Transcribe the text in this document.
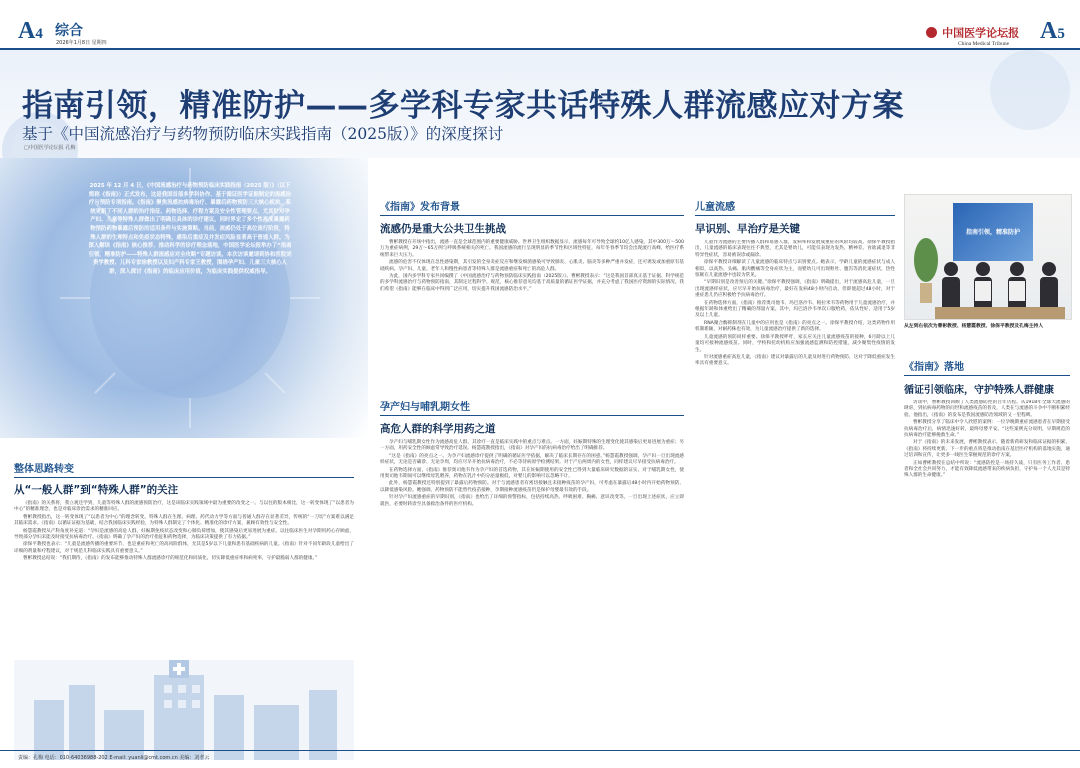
A4 综合
2026年1月8日 星期四
中国医学论坛报
China Medical Tribune	A5
指南引领，精准防护——多学科专家共话特殊人群流感应对方案
基于《中国流感治疗与药物预防临床实践指南（2025版）》的深度探讨
□中国医学论坛报 孔梅
2025 年 12 月 4 日，《中国流感治疗与药物预防临床实践指南（2025 版）》（以下简称《指南》）正式发布，这是我国首部多学科协作、基于循证医学证据制定的流感治疗与预防专项指南。《指南》聚焦流感抗病毒治疗、暴露后药物预防三大核心板块，系统更新了不同人群的治疗指征、药物选择、疗程方案及安全性管理要点，尤其针对孕产妇、儿童等特殊人群做出了明确且具体的诊疗建议，同时界定了多个性高度暴露药物预防药物暴露后预防的适用条件与实施策略。当前，流感仍处于高位流行阶段，特殊人群的生理特点和免疫状态特殊，感染后重症及并发症风险显著高于普通人群。为深入解读《指南》核心推荐、推动科学的诊疗理念落地，中国医学论坛报举办了“指南引领，精准防护——特殊人群流感应对全攻略”专题访谈。本次访谈邀请到协和医院刘贵学教授、儿科专家徐教授以及妇产科专家王教授，围绕孕产妇、儿童三大核心人群，深入探讨《指南》的临床应用价值，为临床实践提供权威指导。
整体思路转变
从“一般人群”到“特殊人群”的关注

《指南》的关系将，我立观还学到，儿童等特殊人群的流感预防治疗，这是该临床实践领域中最为重要的改变之一。与以往的版本相比，这一转变体现了“以患者为中心”的精准理念，也是对临床诊治需求的精准回应。

曹彬教授指出，这一转变体现了“以患者为中心”的理念转变。特殊人群在生理、病理、药代动力学等方面与普通人群存在显著差异，传统的“一刀切”方案难以满足其临床需求。《指南》以循证证据为基础，结合我国临床实践经验，为特殊人群制定了个体化、精准化的诊疗方案，兼顾有效性与安全性。

杨慧霞教授从产科角度补充道：“孕妇是流感的高危人群，妊娠期免疫状态改变和心肺负荷增加，使其感染后更易进展为重症。以往临床医生对孕期用药心存顾虑，导致部分孕妇未能及时接受抗病毒治疗。《指南》明确了孕产妇的治疗指征和药物选择，为临床决策提供了有力依据。”

徐保平教授也表示：“儿童是流感传播的重要环节，也是重症和死亡的高风险群体，尤其是5岁以下儿童和患有基础疾病的儿童。《指南》针对不同年龄段儿童给出了详细的剂量和疗程建议，对于规范儿科临床实践具有重要意义。”

曹彬教授总结说：“我们期待，《指南》的发布能够推动特殊人群流感诊疗的规范化和同质化，切实降低重症率和病死率，守护最脆弱人群的健康。”

《指南》发布背景
流感仍是重大公共卫生挑战

曹彬教授在开场中指出，流感一直是全球范围内的重要健康威胁。世界卫生组织数据显示，流感每年可导致全球约10亿人感染，其中300万～500万为重症病例，29万～65万例与呼吸系统相关的死亡。我国流感的流行呈现明显的季节性和区域性特征，每年冬春季节均会出现流行高峰，给医疗系统带来巨大压力。

流感的危害不仅体现在急性感染期，其引发的全身炎症反应和继发细菌感染可导致肺炎、心肌炎、脑炎等多种严重并发症，还可诱发或加重原有基础疾病。孕产妇、儿童、老年人和慢性病患者等特殊人群是流感重症和死亡的高危人群。

为此，国内多学科专家共同编撰了《中国流感治疗与药物预防临床实践指南（2025版）》。曹彬教授表示：“这是我国首部真正基于证据、科学规范的多学科流感治疗与药物预防指南，其制定过程科学、规范，核心推荐意见均基于高质量的循证医学证据，并充分考虑了我国医疗资源的实际情况。我们希望《指南》能够在临床中得到广泛应用，切实提升我国流感防治水平。”

孕产妇与哺乳期女性
高危人群的科学用药之道

孕产妇与哺乳期女性作为流感高危人群，其诊疗一直是临床实践中的重点与难点。一方面，妊娠期特殊的生理变化使其感染后更易进展为重症；另一方面，用药安全性的顾虑常导致治疗延误。杨慧霞教授指出，《指南》对孕产妇的抗病毒治疗给出了明确推荐。

“这是《指南》的亮点之一。为孕产妇流感诊疗提供了明确的循证医学依据，解决了临床长期存在的困惑。”杨慧霞教授强调，孕产妇一旦出现流感样症状，无论是否确诊、无论孕周，均应尽早开始抗病毒治疗，不必等待病原学检测结果。对于产后两周内的女性，同样建议尽早接受抗病毒治疗。

在药物选择方面，《指南》推荐奥司他韦作为孕产妇的首选药物，其在妊娠期使用的安全性已得到大量临床研究数据的证实。对于哺乳期女性，使用奥司他韦期间可以继续母乳喂养，药物在乳汁中的分泌量极低，对婴儿的影响可以忽略不计。

此外，杨慧霞教授还特别提到了暴露后药物预防。对于与流感患者有密切接触且未接种疫苗的孕产妇，可考虑在暴露后48小时内开始药物预防，以降低感染风险。她强调，药物预防不能替代疫苗接种，孕期接种流感疫苗仍是保护母婴最有效的手段。

针对孕产妇流感重症的早期识别，《指南》也给出了详细的预警指标，包括持续高热、呼吸困难、胸痛、意识改变等。一旦出现上述症状，应立即就医，必要时转诊至具备救治条件的医疗机构。

儿童流感
早识别、早治疗是关键

儿童作为流感的主要传播人群和易感人群，发病率和发展成重症的风险均较高。徐保平教授指出，儿童流感的临床表现往往不典型，尤其是婴幼儿，可能仅表现为发热、精神差、食欲减退等非特异性症状，容易被误诊或漏诊。

徐保平教授详细解读了儿童流感的临床特点与识别要点。她表示，学龄儿童的流感症状与成人相似，以高热、头痛、肌肉酸痛等全身症状为主，而婴幼儿可出现呕吐、腹泻等消化道症状，热性惊厥在儿童流感中也较为常见。

“早期识别是改善预后的关键。”徐保平教授强调，《指南》明确提出，对于流感高危儿童，一旦出现流感样症状，应尽早开始抗病毒治疗，最好在发病48小时内启动，但即使超过48小时，对于重症患儿仍应积极给予抗病毒治疗。

在药物选择方面，《指南》推荐奥司他韦、玛巴洛沙韦、帕拉米韦等药物用于儿童流感治疗，并根据年龄和体重给出了精确的剂量方案。其中，玛巴洛沙韦单次口服给药，依从性好，适用于5岁及以上儿童。

RNA聚合酶抑制剂在儿童中的应用也是《指南》的亮点之一。徐保平教授介绍，这类药物作用机制新颖，对耐药株也有效，为儿童流感治疗提供了新的选择。

儿童流感的预防同样重要。徐保平教授呼吁，家长应关注儿童流感疫苗的接种，6月龄以上儿童均可接种流感疫苗。同时，学校和托幼机构应加强流感监测和防控措施，减少聚集性疫情的发生。

针对流感重症高危儿童，《指南》建议对暴露后的儿童及时进行药物预防，这对于降低重症发生率具有重要意义。

指南引领，精准防护
从左到右依次为曹彬教授、杨慧霞教授、徐保平教授及孔梅主持人
《指南》落地
循证引领临床，守护特殊人群健康

访谈中，曹彬教授回顾了人类流感防控的百年历程。从1918年全球大流感的肆虐，到抗病毒药物的问世和流感疫苗的普及，人类在与流感的斗争中不断积累经验。他指出，《指南》的发布是我国流感防治领域的又一里程碑。

曹彬教授分享了临床中令人欣慰的案例：一位孕晚期重症流感患者在早期接受抗病毒治疗后，病情迅速好转，最终母婴平安。“这些案例充分说明，早期规范的抗病毒治疗能够挽救生命。”

对于《指南》的未来发展，曹彬教授表示，随着新药研发和临床证据的积累，《指南》将持续更新。下一步的重点将是推动指南在基层医疗机构的落地实施，通过培训和宣传，让更多一线医生掌握规范的诊疗方案。

正如曹彬教授在总结中所说：“流感防控是一场持久战，只有医务工作者、患者和全社会共同努力，才能有效降低流感带来的疾病负担，守护每一个人尤其是特殊人群的生命健康。”

责编：孔梅 电话：010-64036988-202 E-mail: yuanli@cmt.com.cn 美编：刘孝云
